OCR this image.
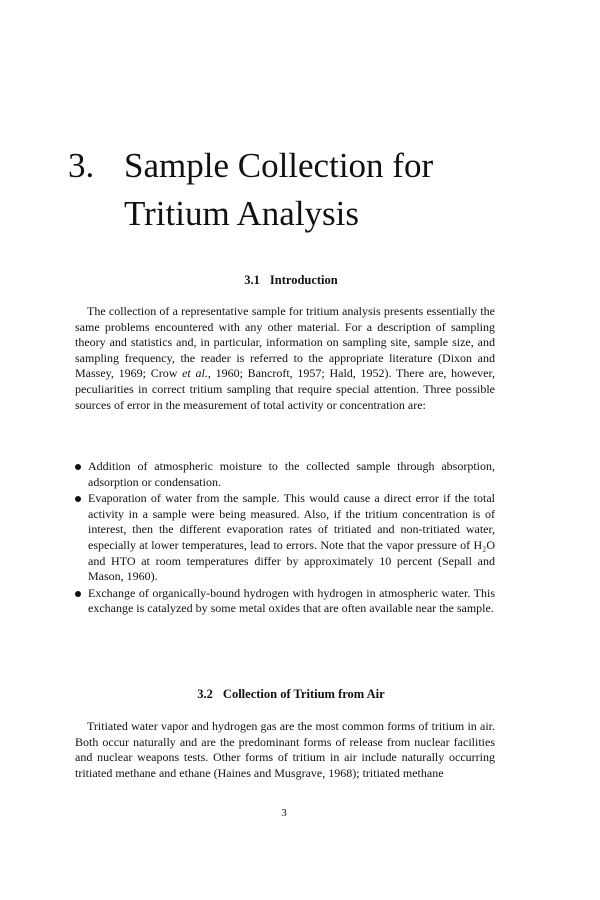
3. Sample Collection for
Tritium Analysis
3.1 Introduction

The collection of a representative sample for tritium analysis presents essentially the same problems encountered with any other material. For a description of sampling theory and statistics and, in particular, information on sampling site, sample size, and sampling frequency, the reader is referred to the appropriate literature (Dixon and Massey, 1969; Crow et al., 1960; Bancroft, 1957; Hald, 1952). There are, however, peculiarities in correct tritium sampling that require special attention. Three possible sources of error in the measurement of total activity or concentration are:

Addition of atmospheric moisture to the collected sample through absorption, adsorption or condensation.
Evaporation of water from the sample. This would cause a direct error if the total activity in a sample were being measured. Also, if the tritium concentration is of interest, then the different evaporation rates of tritiated and non-tritiated water, especially at lower temperatures, lead to errors. Note that the vapor pressure of H₂O and HTO at room temperatures differ by approximately 10 percent (Sepall and Mason, 1960).
Exchange of organically-bound hydrogen with hydrogen in atmospheric water. This exchange is catalyzed by some metal oxides that are often available near the sample.
3.2 Collection of Tritium from Air

Tritiated water vapor and hydrogen gas are the most common forms of tritium in air. Both occur naturally and are the predominant forms of release from nuclear facilities and nuclear weapons tests. Other forms of tritium in air include naturally occurring tritiated methane and ethane (Haines and Musgrave, 1968); tritiated methane

3
